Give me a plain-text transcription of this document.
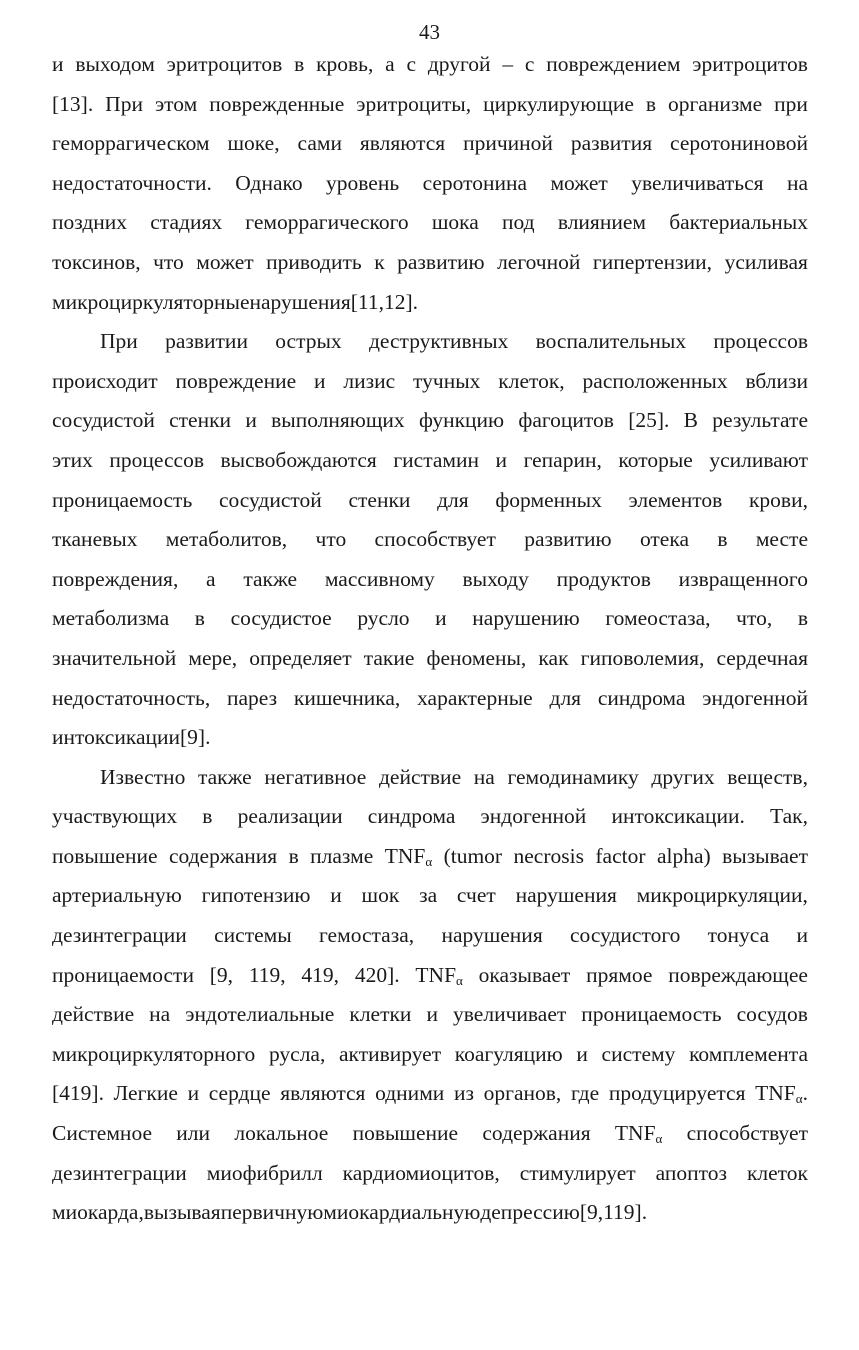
43
и выходом эритроцитов в кровь, а с другой – с повреждением эритроцитов
[13]. При этом поврежденные эритроциты, циркулирующие в организме при
геморрагическом шоке, сами являются причиной развития серотониновой
недостаточности. Однако уровень серотонина может увеличиваться на
поздних стадиях геморрагического шока под влиянием бактериальных
токсинов, что может приводить к развитию легочной гипертензии, усиливая
микроциркуляторные нарушения [11, 12].
При развитии острых деструктивных воспалительных процессов
происходит повреждение и лизис тучных клеток, расположенных вблизи
сосудистой стенки и выполняющих функцию фагоцитов [25]. В результате
этих процессов высвобождаются гистамин и гепарин, которые усиливают
проницаемость сосудистой стенки для форменных элементов крови,
тканевых метаболитов, что способствует развитию отека в месте
повреждения, а также массивному выходу продуктов извращенного
метаболизма в сосудистое русло и нарушению гомеостаза, что, в
значительной мере, определяет такие феномены, как гиповолемия, сердечная
недостаточность, парез кишечника, характерные для синдрома эндогенной
интоксикации [9].
Известно также негативное действие на гемодинамику других веществ,
участвующих в реализации синдрома эндогенной интоксикации. Так,
повышение содержания в плазме $TNF_\alpha$ (tumor necrosis factor alpha) вызывает
артериальную гипотензию и шок за счет нарушения микроциркуляции,
дезинтеграции системы гемостаза, нарушения сосудистого тонуса и
проницаемости [9, 119, 419, 420]. $TNF_\alpha$ оказывает прямое повреждающее
действие на эндотелиальные клетки и увеличивает проницаемость сосудов
микроциркуляторного русла, активирует коагуляцию и систему комплемента
[419]. Легкие и сердце являются одними из органов, где продуцируется $TNF_\alpha$.
Системное или локальное повышение содержания $TNF_\alpha$ способствует
дезинтеграции миофибрилл кардиомиоцитов, стимулирует апоптоз клеток
миокарда, вызывая первичную миокардиальную депрессию [9, 119].
